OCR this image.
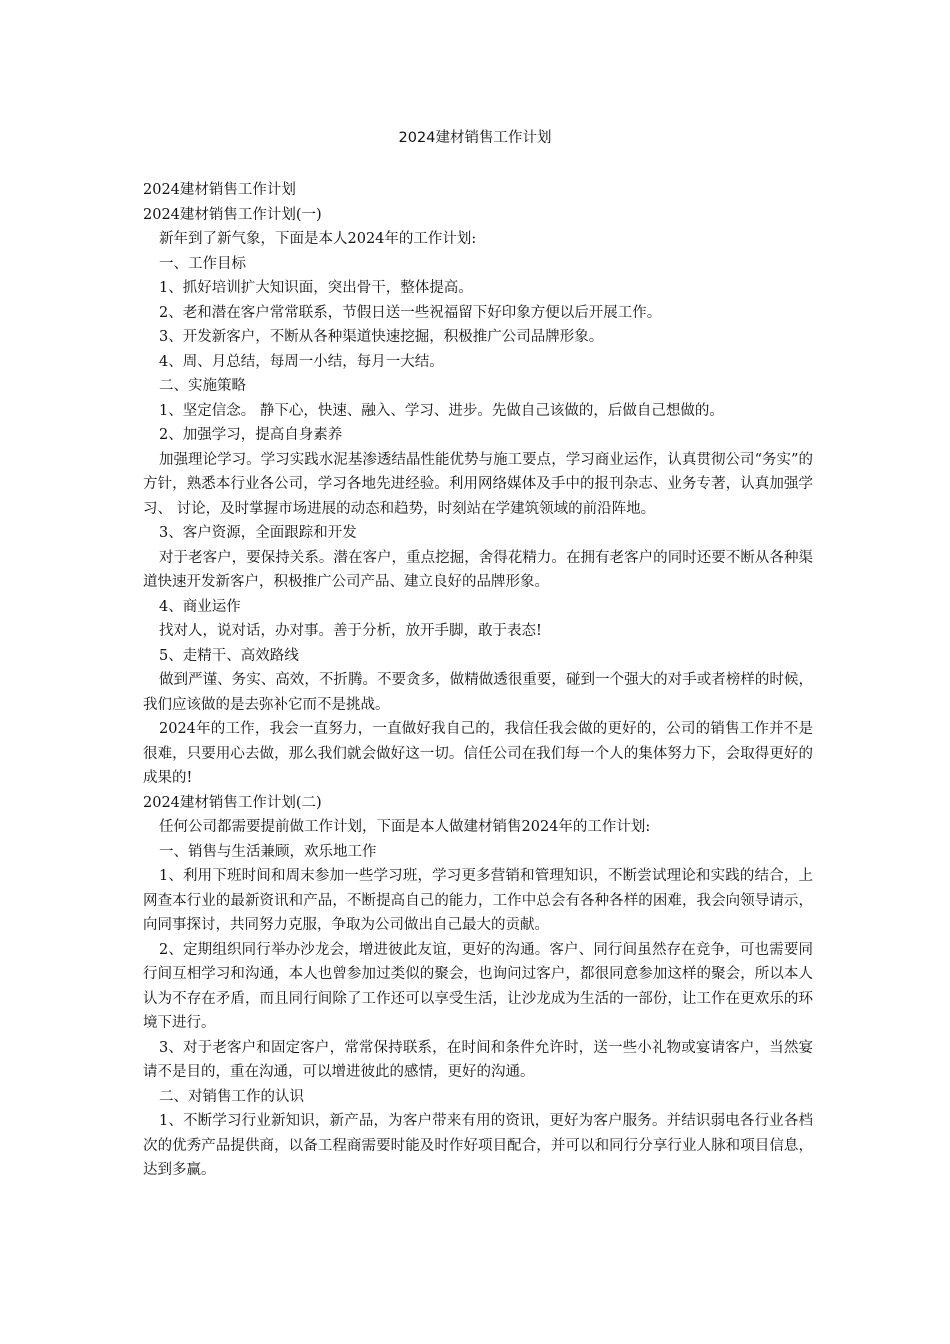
2024建材销售工作计划

2024建材销售工作计划

2024建材销售工作计划(一)

新年到了新气象，下面是本人2024年的工作计划:

一、工作目标

1、抓好培训扩大知识面，突出骨干，整体提高。

2、老和潜在客户常常联系，节假日送一些祝福留下好印象方便以后开展工作。

3、开发新客户，不断从各种渠道快速挖掘，积极推广公司品牌形象。

4、周、月总结，每周一小结，每月一大结。

二、实施策略

1、坚定信念。 静下心，快速、融入、学习、进步。先做自己该做的，后做自己想做的。

2、加强学习，提高自身素养

加强理论学习。学习实践水泥基渗透结晶性能优势与施工要点，学习商业运作，认真贯彻公司“务实”的方针，熟悉本行业各公司，学习各地先进经验。利用网络媒体及手中的报刊杂志、业务专著，认真加强学习、 讨论，及时掌握市场进展的动态和趋势，时刻站在学建筑领域的前沿阵地。

3、客户资源，全面跟踪和开发

对于老客户，要保持关系。潜在客户，重点挖掘，舍得花精力。在拥有老客户的同时还要不断从各种渠道快速开发新客户，积极推广公司产品、建立良好的品牌形象。

4、商业运作

找对人，说对话，办对事。善于分析，放开手脚，敢于表态!

5、走精干、高效路线

做到严谨、务实、高效，不折腾。不要贪多，做精做透很重要，碰到一个强大的对手或者榜样的时候，我们应该做的是去弥补它而不是挑战。

2024年的工作，我会一直努力，一直做好我自己的，我信任我会做的更好的，公司的销售工作并不是很难，只要用心去做，那么我们就会做好这一切。信任公司在我们每一个人的集体努力下，会取得更好的成果的!

2024建材销售工作计划(二)

任何公司都需要提前做工作计划，下面是本人做建材销售2024年的工作计划:

一、销售与生活兼顾，欢乐地工作

1、利用下班时间和周末参加一些学习班，学习更多营销和管理知识，不断尝试理论和实践的结合，上网查本行业的最新资讯和产品，不断提高自己的能力，工作中总会有各种各样的困难，我会向领导请示，向同事探讨，共同努力克服，争取为公司做出自己最大的贡献。

2、定期组织同行举办沙龙会，增进彼此友谊，更好的沟通。客户、同行间虽然存在竞争，可也需要同行间互相学习和沟通，本人也曾参加过类似的聚会，也询问过客户，都很同意参加这样的聚会，所以本人认为不存在矛盾，而且同行间除了工作还可以享受生活，让沙龙成为生活的一部份，让工作在更欢乐的环境下进行。

3、对于老客户和固定客户，常常保持联系，在时间和条件允许时，送一些小礼物或宴请客户，当然宴请不是目的，重在沟通，可以增进彼此的感情，更好的沟通。

二、对销售工作的认识

1、不断学习行业新知识，新产品，为客户带来有用的资讯，更好为客户服务。并结识弱电各行业各档次的优秀产品提供商，以备工程商需要时能及时作好项目配合，并可以和同行分享行业人脉和项目信息，达到多赢。
